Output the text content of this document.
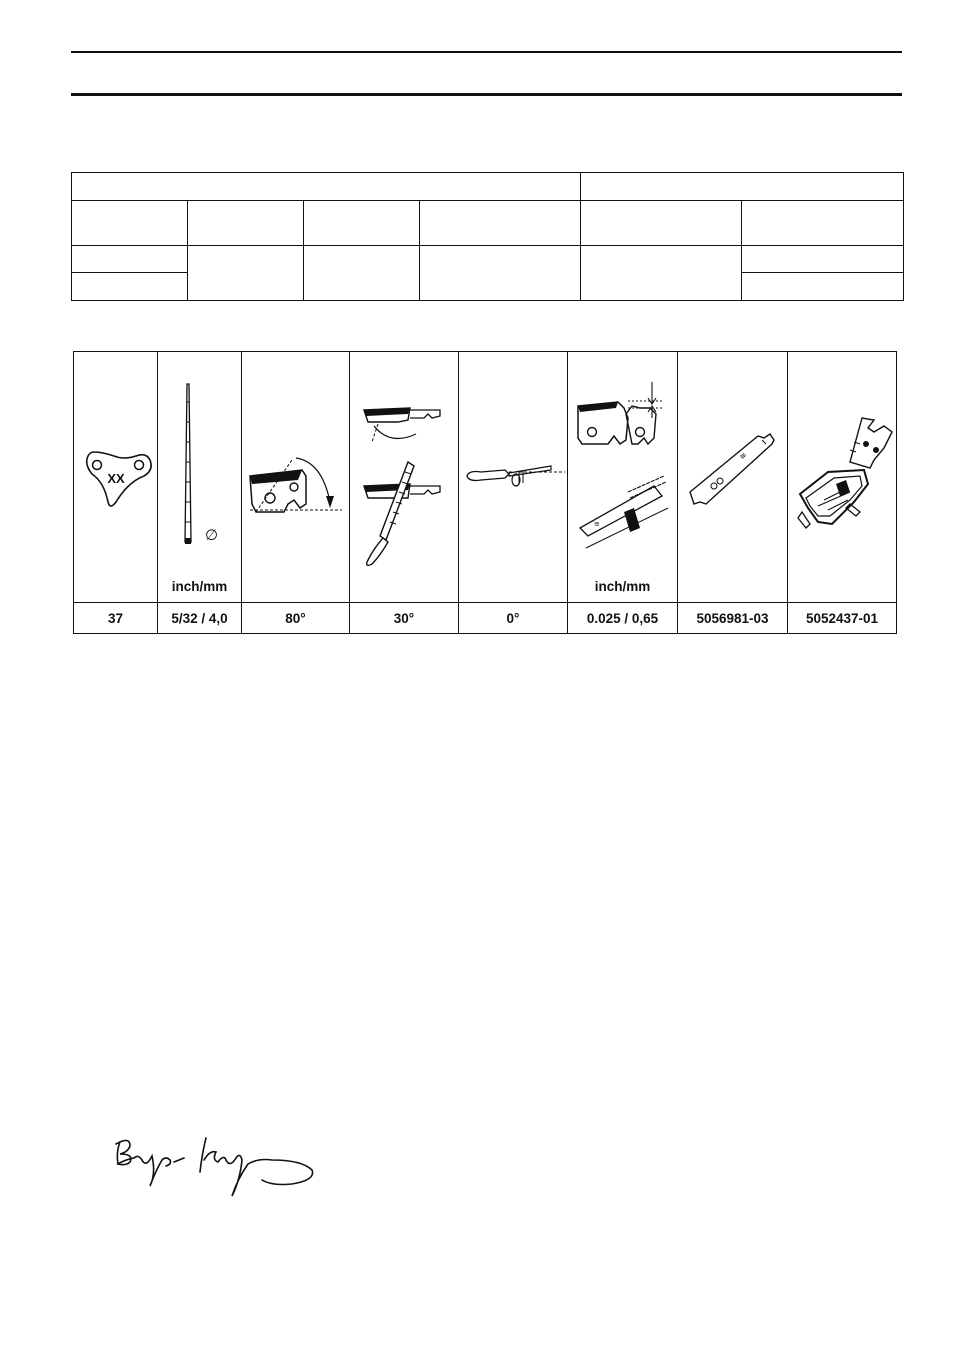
XX	∅
inch/mm				≡
inch/mm	≡

37	5/32 / 4,0	80°	30°	0°	0.025 / 0,65	5056981-03	5052437-01
